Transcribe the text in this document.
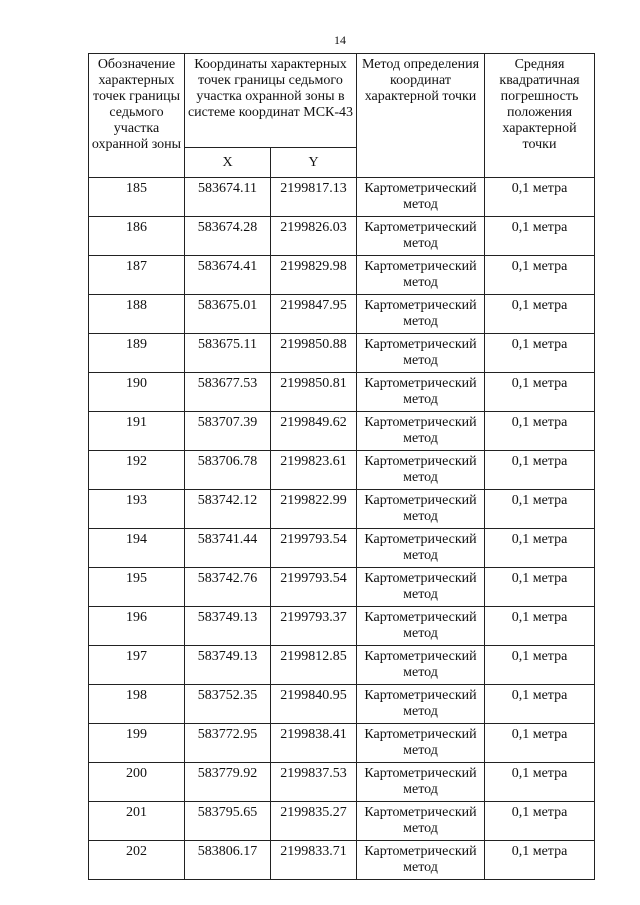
14
Обозначение характерных точек границы седьмого участка охранной зоны	Координаты характерных точек границы седьмого участка охранной зоны в системе координат МСК-43		Метод определения координат характерной точки	Средняя квадратичная погрешность положения характерной точки

	X	Y		
185	583674.11	2199817.13	Картометрический метод	0,1 метра
186	583674.28	2199826.03	Картометрический метод	0,1 метра
187	583674.41	2199829.98	Картометрический метод	0,1 метра
188	583675.01	2199847.95	Картометрический метод	0,1 метра
189	583675.11	2199850.88	Картометрический метод	0,1 метра
190	583677.53	2199850.81	Картометрический метод	0,1 метра
191	583707.39	2199849.62	Картометрический метод	0,1 метра
192	583706.78	2199823.61	Картометрический метод	0,1 метра
193	583742.12	2199822.99	Картометрический метод	0,1 метра
194	583741.44	2199793.54	Картометрический метод	0,1 метра
195	583742.76	2199793.54	Картометрический метод	0,1 метра
196	583749.13	2199793.37	Картометрический метод	0,1 метра
197	583749.13	2199812.85	Картометрический метод	0,1 метра
198	583752.35	2199840.95	Картометрический метод	0,1 метра
199	583772.95	2199838.41	Картометрический метод	0,1 метра
200	583779.92	2199837.53	Картометрический метод	0,1 метра
201	583795.65	2199835.27	Картометрический метод	0,1 метра
202	583806.17	2199833.71	Картометрический метод	0,1 метра
